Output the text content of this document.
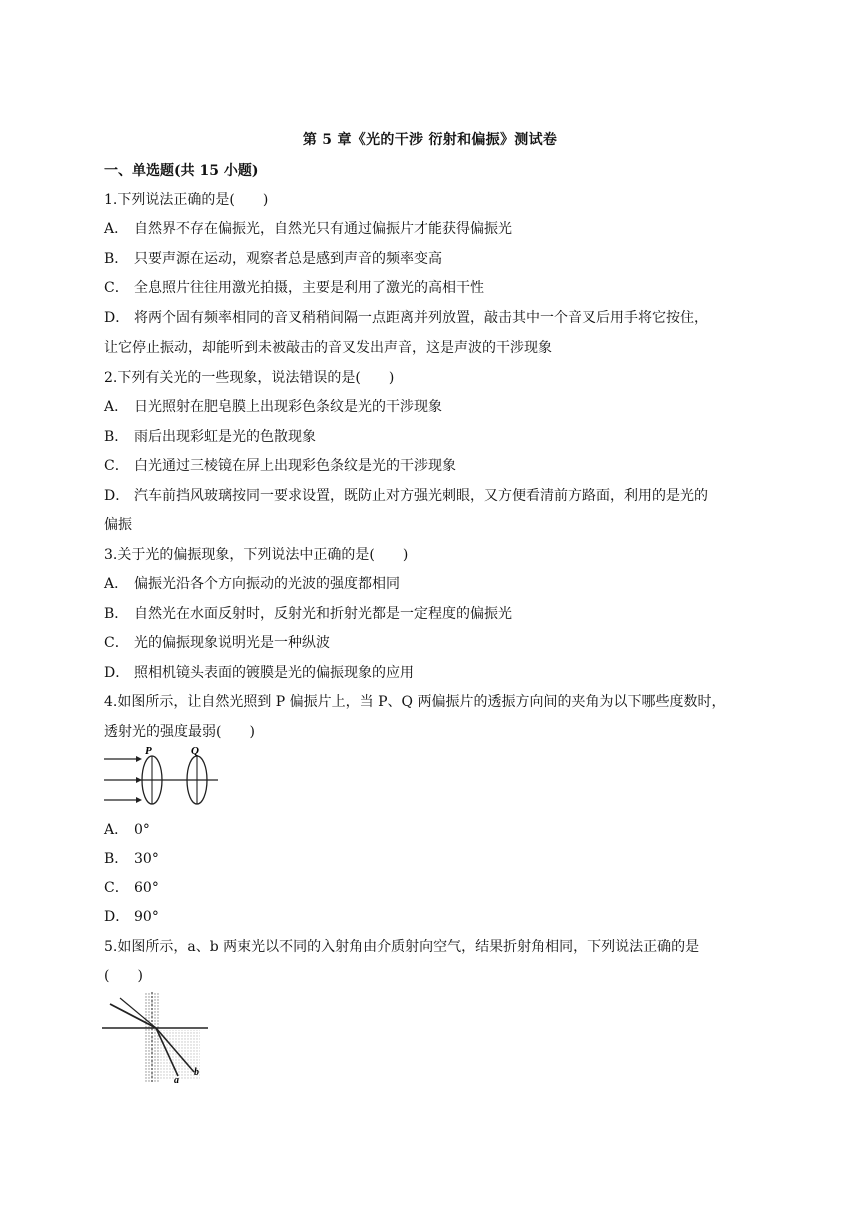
第 5 章《光的干涉 衍射和偏振》测试卷
一、单选题(共 15 小题)
1.下列说法正确的是(　　)
A． 自然界不存在偏振光，自然光只有通过偏振片才能获得偏振光
B． 只要声源在运动，观察者总是感到声音的频率变高
C． 全息照片往往用激光拍摄，主要是利用了激光的高相干性
D． 将两个固有频率相同的音叉稍稍间隔一点距离并列放置，敲击其中一个音叉后用手将它按住，
让它停止振动，却能听到未被敲击的音叉发出声音，这是声波的干涉现象
2.下列有关光的一些现象，说法错误的是(　　)
A． 日光照射在肥皂膜上出现彩色条纹是光的干涉现象
B． 雨后出现彩虹是光的色散现象
C． 白光通过三棱镜在屏上出现彩色条纹是光的干涉现象
D． 汽车前挡风玻璃按同一要求设置，既防止对方强光刺眼，又方便看清前方路面，利用的是光的
偏振
3.关于光的偏振现象，下列说法中正确的是(　　)
A． 偏振光沿各个方向振动的光波的强度都相同
B． 自然光在水面反射时，反射光和折射光都是一定程度的偏振光
C． 光的偏振现象说明光是一种纵波
D． 照相机镜头表面的镀膜是光的偏振现象的应用
4.如图所示，让自然光照到 P 偏振片上，当 P、Q 两偏振片的透振方向间的夹角为以下哪些度数时，
透射光的强度最弱(　　)
P	Q
A． 0°
B． 30°
C． 60°
D． 90°
5.如图所示，a、b 两束光以不同的入射角由介质射向空气，结果折射角相同，下列说法正确的是
(　　)
a
b
